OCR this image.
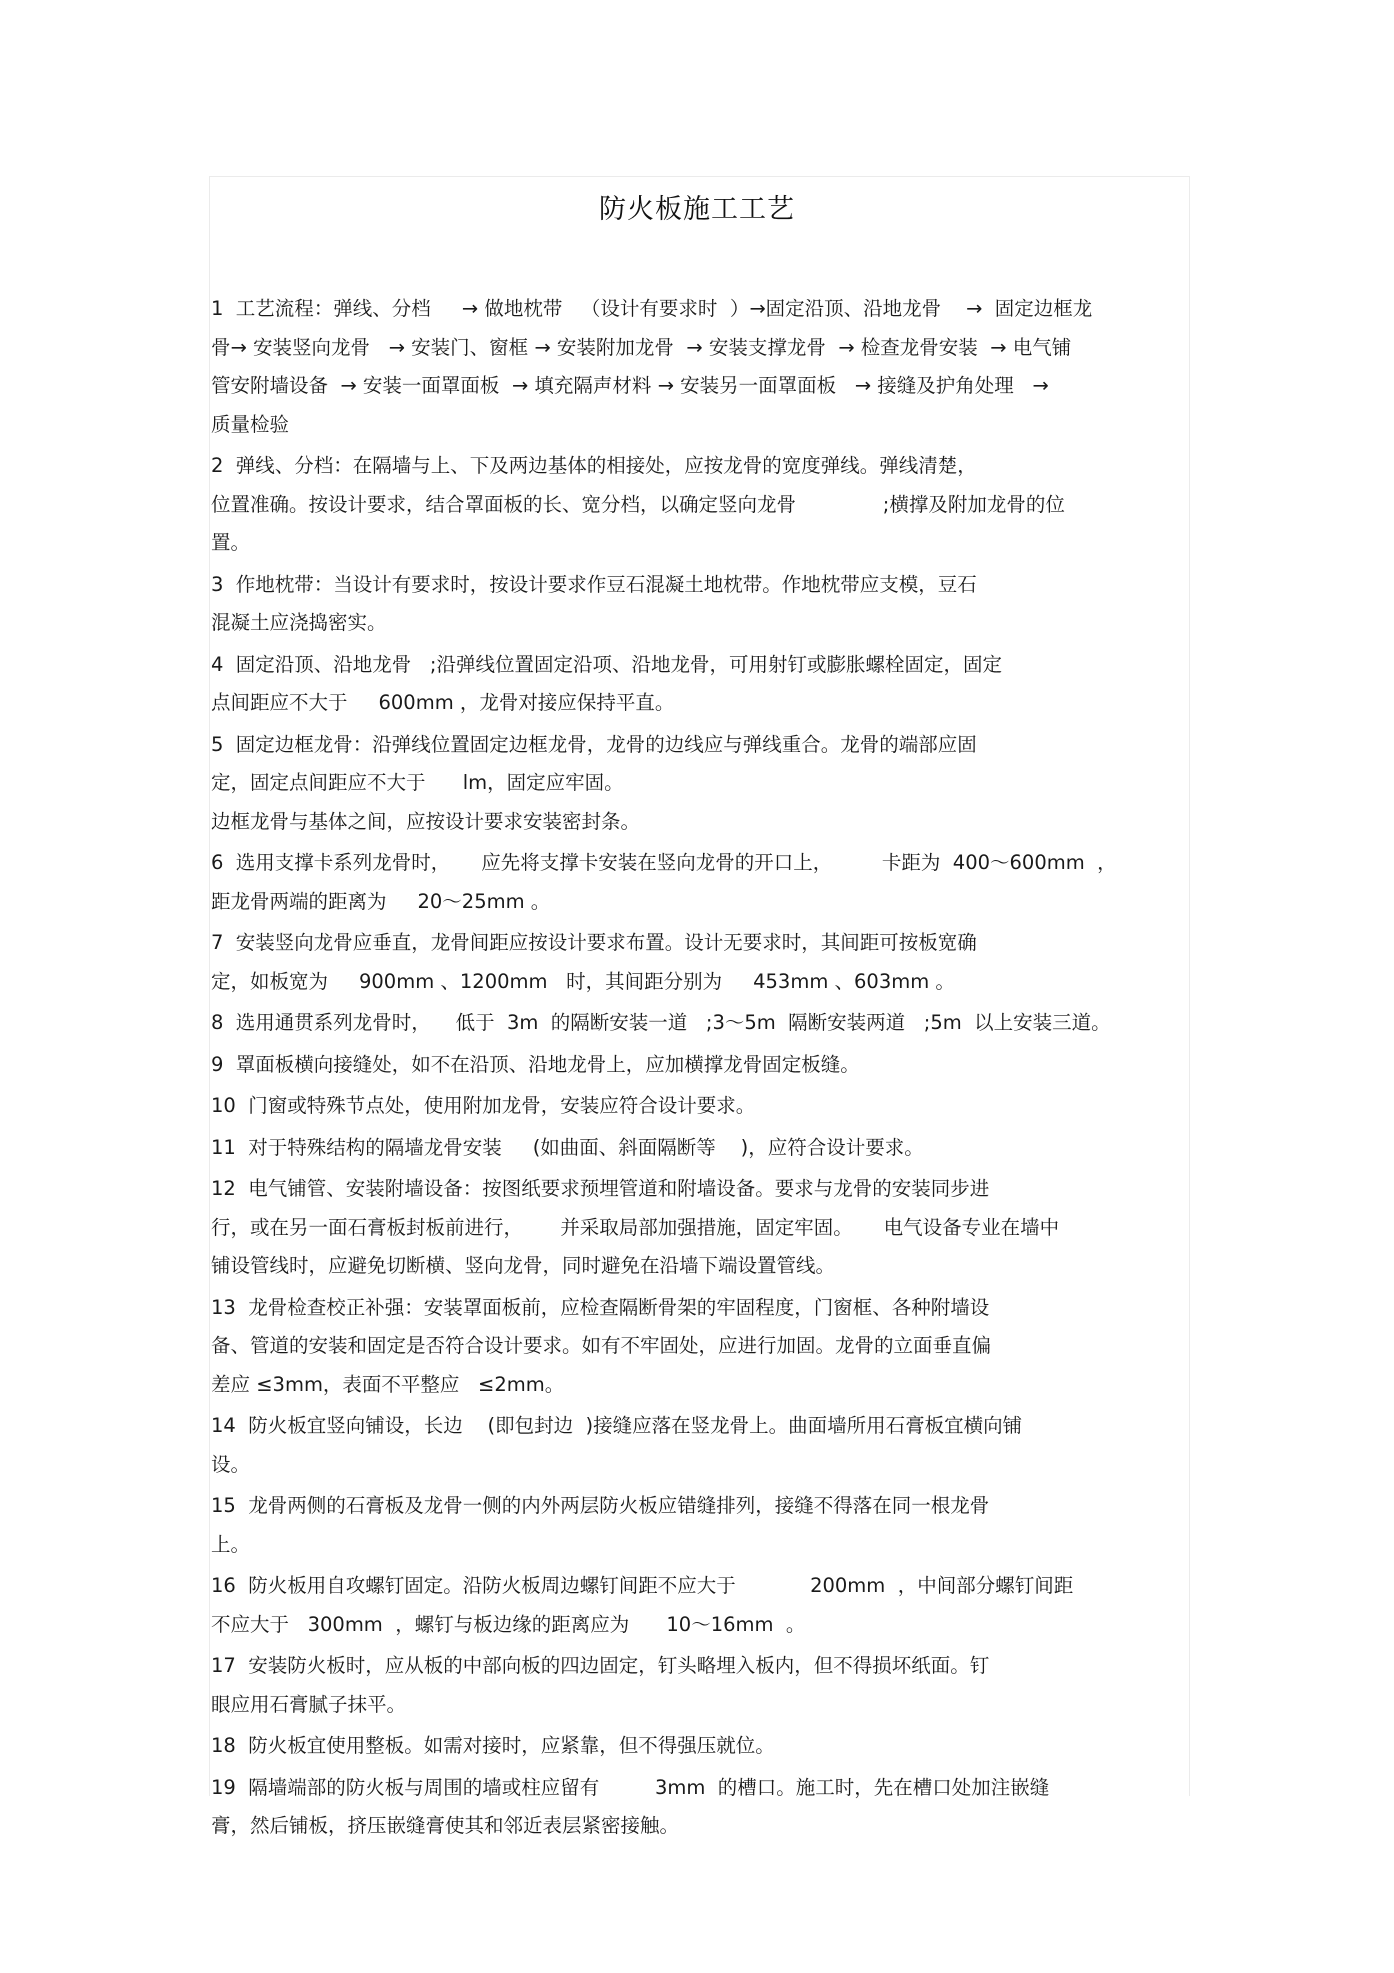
防火板施工工艺
1  工艺流程：弹线、分档     → 做地枕带   （设计有要求时  ）→固定沿顶、沿地龙骨    →  固定边框龙
骨→ 安装竖向龙骨   → 安装门、窗框 → 安装附加龙骨  → 安装支撑龙骨  → 检查龙骨安装  → 电气铺
管安附墙设备  → 安装一面罩面板  → 填充隔声材料 → 安装另一面罩面板   → 接缝及护角处理   →
质量检验
2  弹线、分档：在隔墙与上、下及两边基体的相接处，应按龙骨的宽度弹线。弹线清楚，
位置准确。按设计要求，结合罩面板的长、宽分档，以确定竖向龙骨              ;横撑及附加龙骨的位
置。
3  作地枕带：当设计有要求时，按设计要求作豆石混凝土地枕带。作地枕带应支模，豆石
混凝土应浇捣密实。
4  固定沿顶、沿地龙骨   ;沿弹线位置固定沿项、沿地龙骨，可用射钉或膨胀螺栓固定，固定
点间距应不大于     600mm ，龙骨对接应保持平直。
5  固定边框龙骨：沿弹线位置固定边框龙骨，龙骨的边线应与弹线重合。龙骨的端部应固
定，固定点间距应不大于      lm，固定应牢固。
边框龙骨与基体之间，应按设计要求安装密封条。
6  选用支撑卡系列龙骨时，     应先将支撑卡安装在竖向龙骨的开口上，        卡距为  400～600mm  ，
距龙骨两端的距离为     20～25mm 。
7  安装竖向龙骨应垂直，龙骨间距应按设计要求布置。设计无要求时，其间距可按板宽确
定，如板宽为     900mm 、1200mm   时，其间距分别为     453mm 、603mm 。
8  选用通贯系列龙骨时，    低于  3m  的隔断安装一道   ;3～5m  隔断安装两道   ;5m  以上安装三道。
9  罩面板横向接缝处，如不在沿顶、沿地龙骨上，应加横撑龙骨固定板缝。
10  门窗或特殊节点处，使用附加龙骨，安装应符合设计要求。
11  对于特殊结构的隔墙龙骨安装     (如曲面、斜面隔断等    )，应符合设计要求。
12  电气铺管、安装附墙设备：按图纸要求预埋管道和附墙设备。要求与龙骨的安装同步进
行，或在另一面石膏板封板前进行，      并采取局部加强措施，固定牢固。     电气设备专业在墙中
铺设管线时，应避免切断横、竖向龙骨，同时避免在沿墙下端设置管线。
13  龙骨检查校正补强：安装罩面板前，应检查隔断骨架的牢固程度，门窗框、各种附墙设
备、管道的安装和固定是否符合设计要求。如有不牢固处，应进行加固。龙骨的立面垂直偏
差应 ≤3mm，表面不平整应   ≤2mm。
14  防火板宜竖向铺设，长边    (即包封边  )接缝应落在竖龙骨上。曲面墙所用石膏板宜横向铺
设。
15  龙骨两侧的石膏板及龙骨一侧的内外两层防火板应错缝排列，接缝不得落在同一根龙骨
上。
16  防火板用自攻螺钉固定。沿防火板周边螺钉间距不应大于            200mm  ，中间部分螺钉间距
不应大于   300mm  ，螺钉与板边缘的距离应为      10～16mm  。
17  安装防火板时，应从板的中部向板的四边固定，钉头略埋入板内，但不得损坏纸面。钉
眼应用石膏腻子抹平。
18  防火板宜使用整板。如需对接时，应紧靠，但不得强压就位。
19  隔墙端部的防火板与周围的墙或柱应留有         3mm  的槽口。施工时，先在槽口处加注嵌缝
膏，然后铺板，挤压嵌缝膏使其和邻近表层紧密接触。
